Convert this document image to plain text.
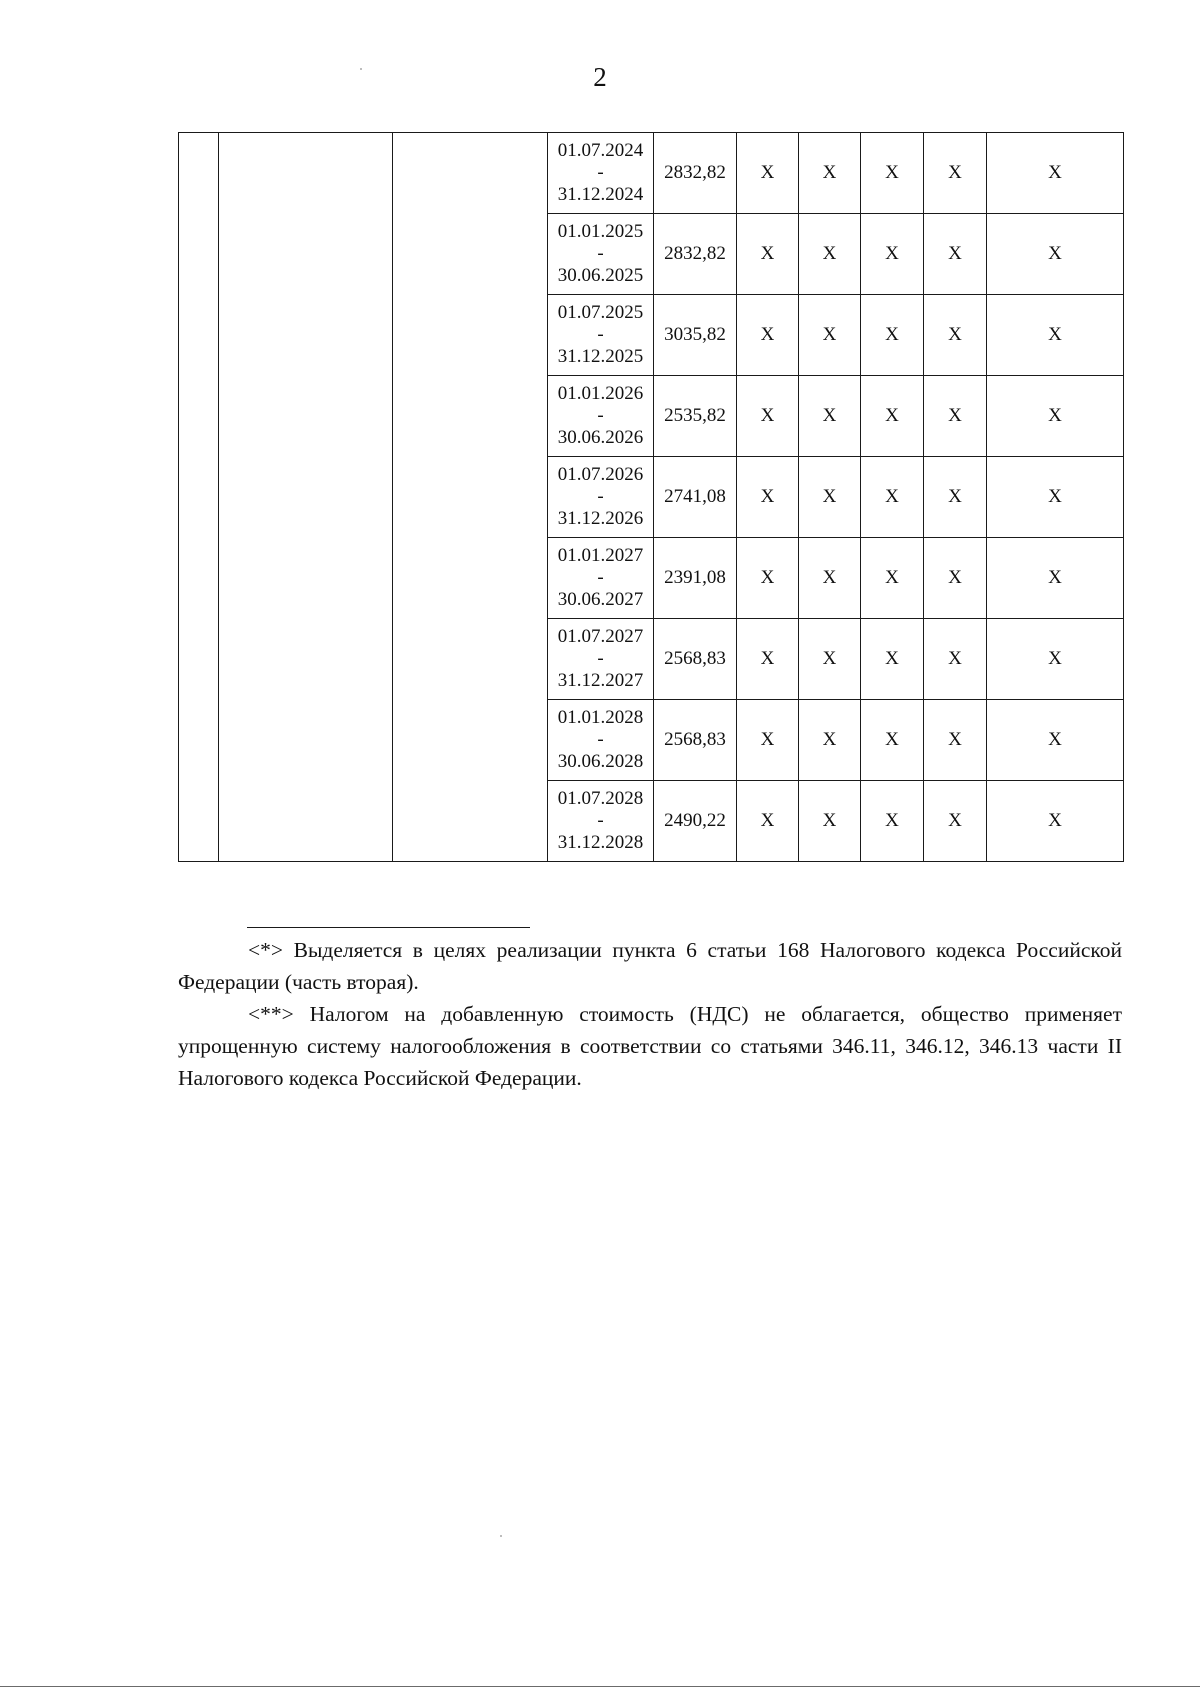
2

			01.07.2024
-
31.12.2024	2832,82	X	X	X	X	X

			01.01.2025
-
30.06.2025	2832,82	X	X	X	X	X

			01.07.2025
-
31.12.2025	3035,82	X	X	X	X	X

			01.01.2026
-
30.06.2026	2535,82	X	X	X	X	X

			01.07.2026
-
31.12.2026	2741,08	X	X	X	X	X

			01.01.2027
-
30.06.2027	2391,08	X	X	X	X	X

			01.07.2027
-
31.12.2027	2568,83	X	X	X	X	X

			01.01.2028
-
30.06.2028	2568,83	X	X	X	X	X

			01.07.2028
-
31.12.2028	2490,22	X	X	X	X	X

<*> Выделяется в целях реализации пункта 6 статьи 168 Налогового кодекса Российской Федерации (часть вторая).

<**> Налогом на добавленную стоимость (НДС) не облагается, общество применяет упрощенную систему налогообложения в соответствии со статьями 346.11, 346.12, 346.13 части II Налогового кодекса Российской Федерации.
